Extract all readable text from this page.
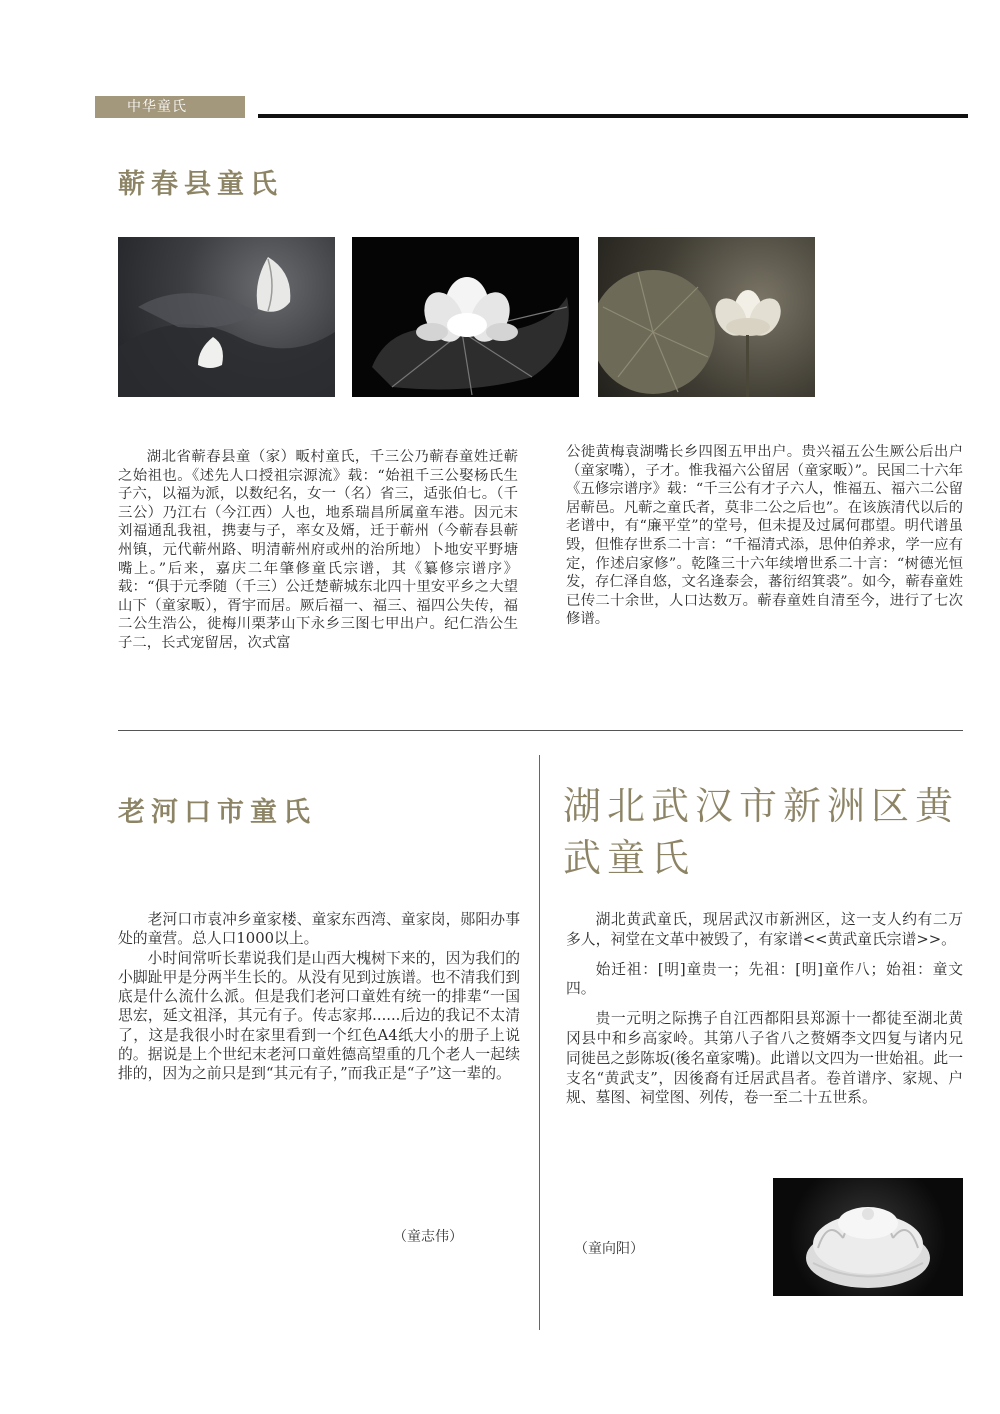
中华童氏
蕲春县童氏

湖北省蕲春县童（家）畈村童氏，千三公乃蕲春童姓迁蕲之始祖也。《述先人口授祖宗源流》载：“始祖千三公娶杨氏生子六，以福为派，以数纪名，女一（名）省三，适张伯七。（千三公）乃江右（今江西）人也，地系瑞昌所属童车港。因元末刘福通乱我祖，携妻与子，率女及婿，迁于蕲州（今蕲春县蕲州镇，元代蕲州路、明清蕲州府或州的治所地）卜地安平野塘嘴上。”后来，嘉庆二年肇修童氏宗谱，其《纂修宗谱序》载：“俱于元季随（千三）公迁楚蕲城东北四十里安平乡之大望山下（童家畈），胥宇而居。厥后福一、福三、福四公失传，福二公生浩公，徙梅川栗茅山下永乡三图七甲出户。纪仁浩公生子二，长式宠留居，次式富

公徙黄梅袁湖嘴长乡四图五甲出户。贵兴福五公生厥公后出户（童家嘴），子才。惟我福六公留居（童家畈）”。民国二十六年《五修宗谱序》载：“千三公有才子六人，惟福五、福六二公留居蕲邑。凡蕲之童氏者，莫非二公之后也”。在该族清代以后的老谱中，有“廉平堂”的堂号，但未提及过属何郡望。明代谱虽毁，但惟存世系二十言：“千福清式添，思仲伯养求，学一应有定，作述启家修”。乾隆三十六年续增世系二十言：“树德光恒发，存仁泽自悠，文名逢泰会，蕃衍绍箕裘”。如今，蕲春童姓已传二十余世，人口达数万。蕲春童姓自清至今，进行了七次修谱。

老河口市童氏

老河口市袁冲乡童家楼、童家东西湾、童家岗，郧阳办事处的童营。总人口1000以上。

小时间常听长辈说我们是山西大槐树下来的，因为我们的小脚趾甲是分两半生长的。从没有见到过族谱。也不清我们到底是什么流什么派。但是我们老河口童姓有统一的排辈“一国思宏，延文祖泽，其元有子。传志家邦......后边的我记不太清了，这是我很小时在家里看到一个红色A4纸大小的册子上说的。据说是上个世纪末老河口童姓德高望重的几个老人一起续排的，因为之前只是到“其元有子，”而我正是“子”这一辈的。

（童志伟）
湖北武汉市新洲区黄武童氏

湖北黄武童氏，现居武汉市新洲区，这一支人约有二万多人，祠堂在文革中被毁了，有家谱<<黄武童氏宗谱>>。

始迁祖：[明]童贵一；先祖：[明]童作八；始祖：童文四。

贵一元明之际携子自江西都阳县郑源十一都徒至湖北黄冈县中和乡高家岭。其第八子省八之赘婿李文四复与诸内兄同徙邑之彭陈坂(後名童家嘴)。此谱以文四为一世始祖。此一支名“黄武支”，因後裔有迁居武昌者。卷首谱序、家规、户规、墓图、祠堂图、列传，卷一至二十五世系。

（童向阳）
